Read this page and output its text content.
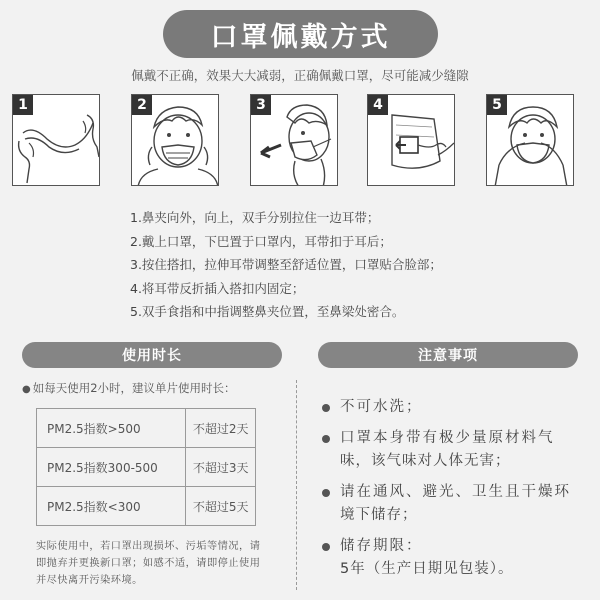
口罩佩戴方式
佩戴不正确，效果大大减弱，正确佩戴口罩，尽可能减少缝隙
1	2	3	4	5
1.鼻夹向外，向上，双手分别拉住一边耳带；
2.戴上口罩，下巴置于口罩内，耳带扣于耳后；
3.按住搭扣，拉伸耳带调整至舒适位置，口罩贴合脸部；
4.将耳带反折插入搭扣内固定；
5.双手食指和中指调整鼻夹位置，至鼻梁处密合。
使用时长	注意事项
● 如每天使用2小时，建议单片使用时长：
PM2.5指数>500	不超过2天
PM2.5指数300-500	不超过3天
PM2.5指数<300	不超过5天
实际使用中，若口罩出现损坏、污垢等情况，请即抛弃并更换新口罩；如感不适，请即停止使用并尽快离开污染环境。
不可水洗；
口罩本身带有极少量原材料气
味，该气味对人体无害；
请在通风、避光、卫生且干燥环
境下储存；
储存期限：
5年（生产日期见包装）。
